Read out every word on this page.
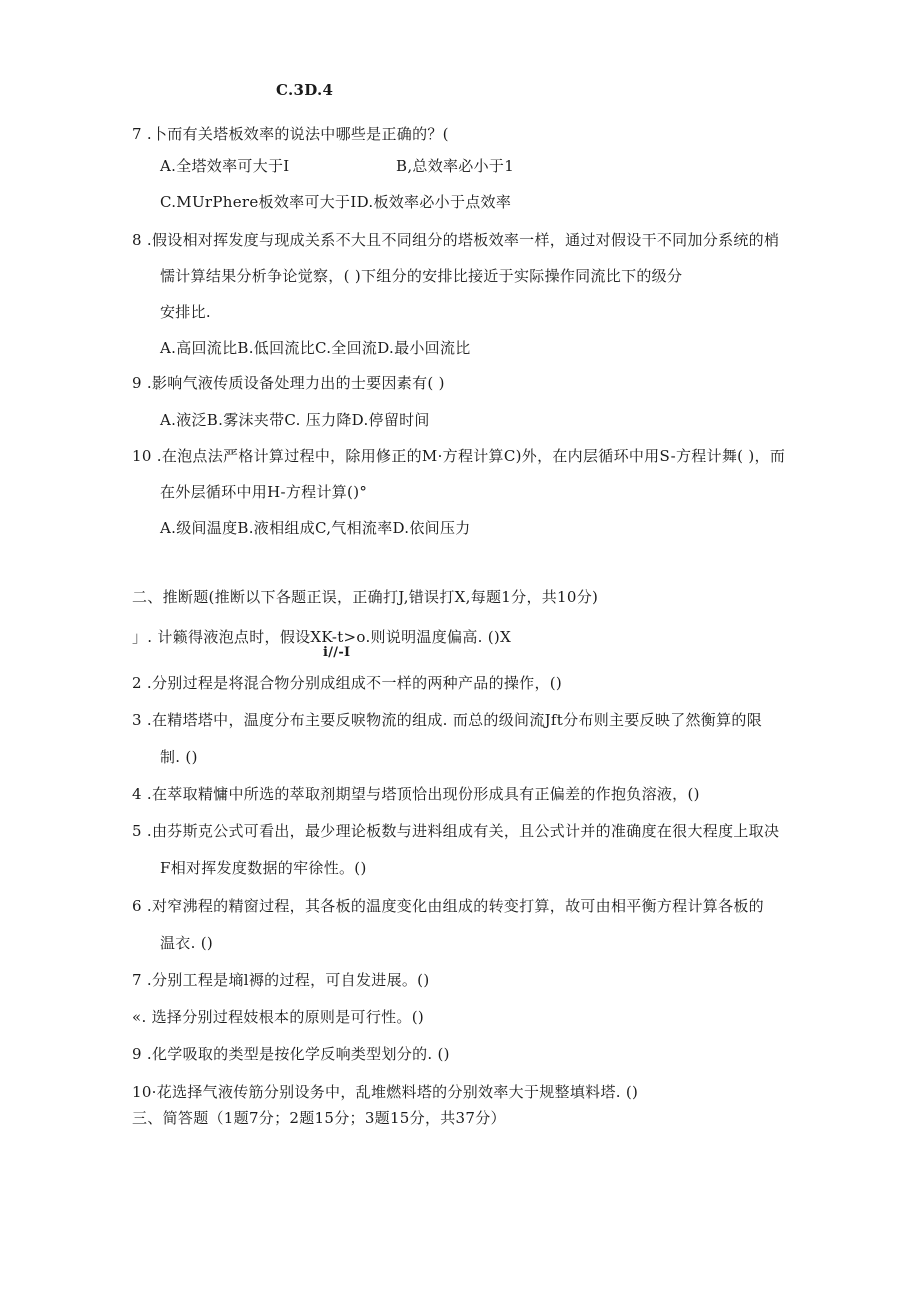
C.3D.4
7 .卜而有关塔板效率的说法中哪些是正确的？(
A.全塔效率可大于I	B,总效率必小于1
C.MUrPhere板效率可大于ID.板效率必小于点效率
8 .假设相对挥发度与现成关系不大且不同组分的塔板效率一样，通过对假设干不同加分系统的梢
懦计算结果分析争论觉察，( )下组分的安排比接近于实际操作同流比下的级分
安排比.
A.高回流比B.低回流比C.全回流D.最小回流比
9 .影响气液传质设备处理力出的士要因素有( )
A.液泛B.雾沫夹带C. 压力降D.停留时间
10 .在泡点法严格计算过程中，除用修正的M·方程计算C)外，在内层循环中用S-方程计舞( )，而
在外层循环中用H-方程计算()°
A.级间温度B.液相组成C,气相流率D.依间压力
二、推断题(推断以下各题正误，正确打J,错误打X,每题1分，共10分)
」. 计籁得液泡点时，假设XK-t>o.则说明温度偏高. ()X
i//-I
2 .分别过程是将混合物分别成组成不一样的两种产品的操作，()
3 .在精塔塔中，温度分布主要反唳物流的组成. 而总的级间流Jft分布则主要反映了然衡算的限
制. ()
4 .在萃取精慵中所选的萃取剂期望与塔顶恰出现份形成具有正偏差的作抱负溶液，()
5 .由芬斯克公式可看出，最少理论板数与进料组成有关，且公式计并的准确度在很大程度上取决
F相对挥发度数据的牢徐性。()
6 .对窄沸程的精窗过程，其各板的温度变化由组成的转变打算，故可由相平衡方程计算各板的
温衣. ()
7 .分别工程是墒l褥的过程，可自发进展。()
«. 选择分别过程妓根本的原则是可行性。()
9 .化学吸取的类型是按化学反响类型划分的. ()
10·花选择气液传筋分别设务中，乱堆燃料塔的分别效率大于规整填料塔. ()
三、简答题（1题7分；2题15分；3题15分，共37分）
